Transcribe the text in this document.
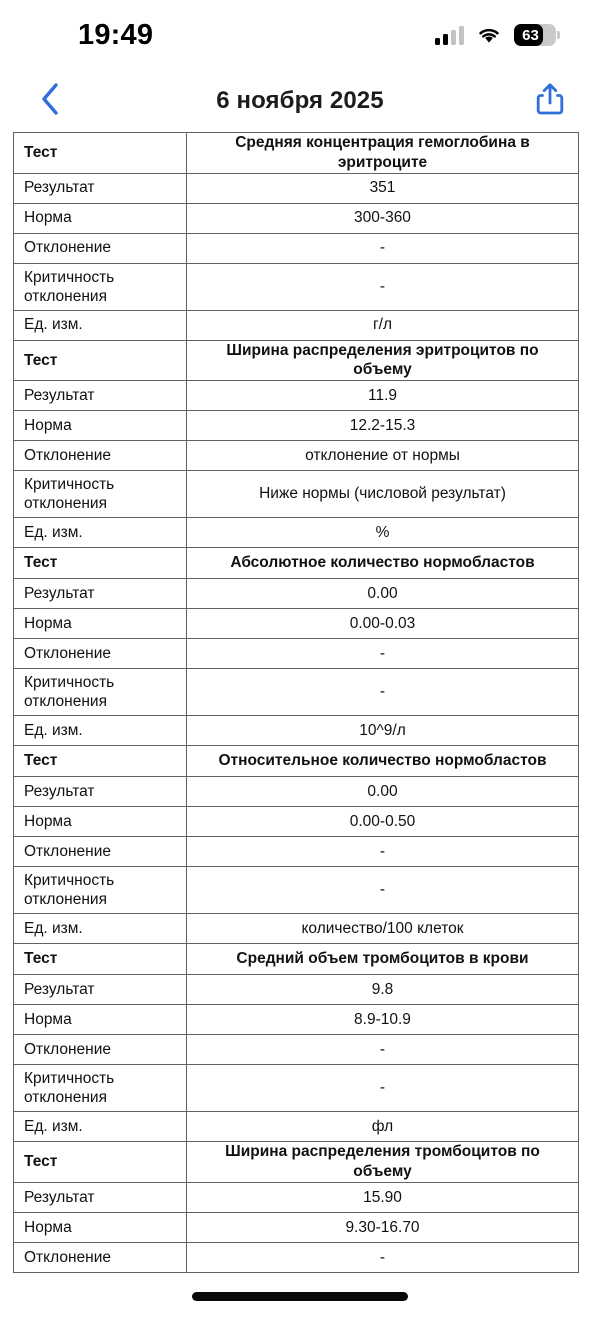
19:49	63
6 ноября 2025
Тест	Средняя концентрация гемоглобина в эритроците
Результат	351
Норма	300-360
Отклонение	-
Критичность
отклонения	-
Ед. изм.	г/л
Тест	Ширина распределения эритроцитов по объему
Результат	11.9
Норма	12.2-15.3
Отклонение	отклонение от нормы
Критичность
отклонения	Ниже нормы (числовой результат)
Ед. изм.	%
Тест	Абсолютное количество нормобластов
Результат	0.00
Норма	0.00-0.03
Отклонение	-
Критичность
отклонения	-
Ед. изм.	10^9/л
Тест	Относительное количество нормобластов
Результат	0.00
Норма	0.00-0.50
Отклонение	-
Критичность
отклонения	-
Ед. изм.	количество/100 клеток
Тест	Средний объем тромбоцитов в крови
Результат	9.8
Норма	8.9-10.9
Отклонение	-
Критичность
отклонения	-
Ед. изм.	фл
Тест	Ширина распределения тромбоцитов по объему
Результат	15.90
Норма	9.30-16.70
Отклонение	-
